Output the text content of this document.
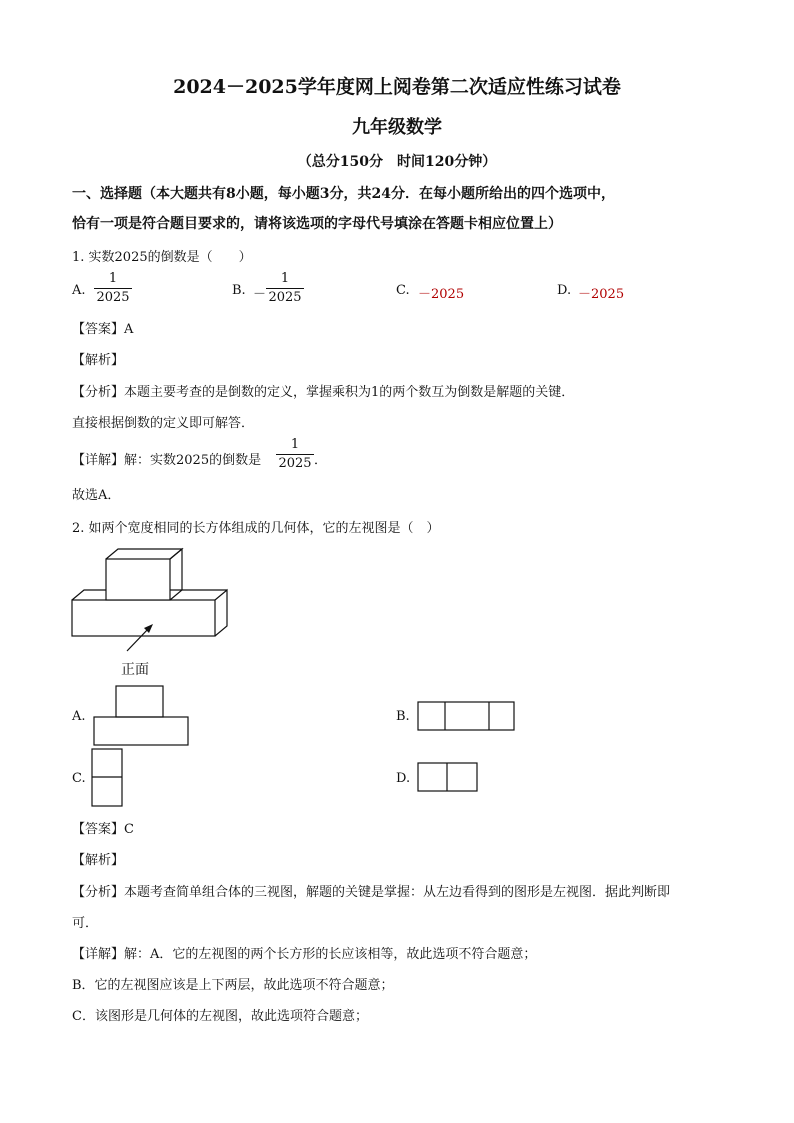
2024－2025学年度网上阅卷第二次适应性练习试卷
九年级数学
（总分150分　时间120分钟）
一、选择题（本大题共有8小题，每小题3分，共24分．在每小题所给出的四个选项中，
恰有一项是符合题目要求的，请将该选项的字母代号填涂在答题卡相应位置上）
1. 实数2025的倒数是（　　）
A.
1
2025	B. －
1
2025	C. －2025	D. －2025
【答案】A
【解析】
【分析】本题主要考查的是倒数的定义，掌握乘积为1的两个数互为倒数是解题的关键．
直接根据倒数的定义即可解答．
【详解】解：实数2025的倒数是
1
2025 ．
故选A．
2. 如两个宽度相同的长方体组成的几何体，它的左视图是（　）
正面
A.	B.
C.	D.
【答案】C
【解析】
【分析】本题考查简单组合体的三视图，解题的关键是掌握：从左边看得到的图形是左视图．据此判断即
可．
【详解】解：A．它的左视图的两个长方形的长应该相等，故此选项不符合题意；
B．它的左视图应该是上下两层，故此选项不符合题意；
C．该图形是几何体的左视图，故此选项符合题意；
